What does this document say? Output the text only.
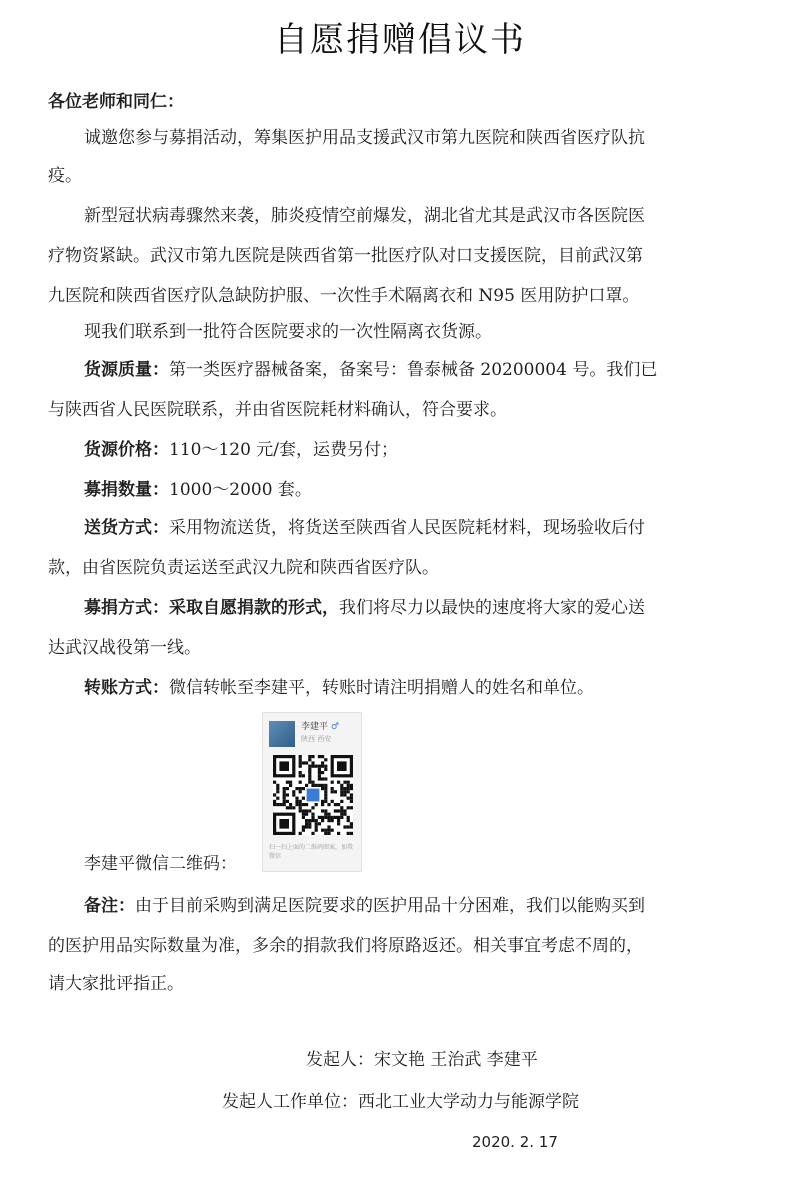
自愿捐赠倡议书
各位老师和同仁：
诚邀您参与募捐活动，筹集医护用品支援武汉市第九医院和陕西省医疗队抗
疫。
新型冠状病毒骤然来袭，肺炎疫情空前爆发，湖北省尤其是武汉市各医院医
疗物资紧缺。武汉市第九医院是陕西省第一批医疗队对口支援医院，目前武汉第
九医院和陕西省医疗队急缺防护服、一次性手术隔离衣和 N95 医用防护口罩。
现我们联系到一批符合医院要求的一次性隔离衣货源。
货源质量：第一类医疗器械备案，备案号：鲁泰械备 20200004 号。我们已
与陕西省人民医院联系，并由省医院耗材料确认，符合要求。
货源价格：110～120 元/套，运费另付；
募捐数量：1000～2000 套。
送货方式：采用物流送货，将货送至陕西省人民医院耗材料，现场验收后付
款，由省医院负责运送至武汉九院和陕西省医疗队。
募捐方式：采取自愿捐款的形式，我们将尽力以最快的速度将大家的爱心送
达武汉战役第一线。
转账方式：微信转帐至李建平，转账时请注明捐赠人的姓名和单位。
李建平 ♂
陕西 西安
扫一扫上面的二维码图案，加我微信
李建平微信二维码：
备注：由于目前采购到满足医院要求的医护用品十分困难，我们以能购买到
的医护用品实际数量为准，多余的捐款我们将原路返还。相关事宜考虑不周的，
请大家批评指正。
发起人：宋文艳 王治武 李建平
发起人工作单位：西北工业大学动力与能源学院
2020. 2. 17
